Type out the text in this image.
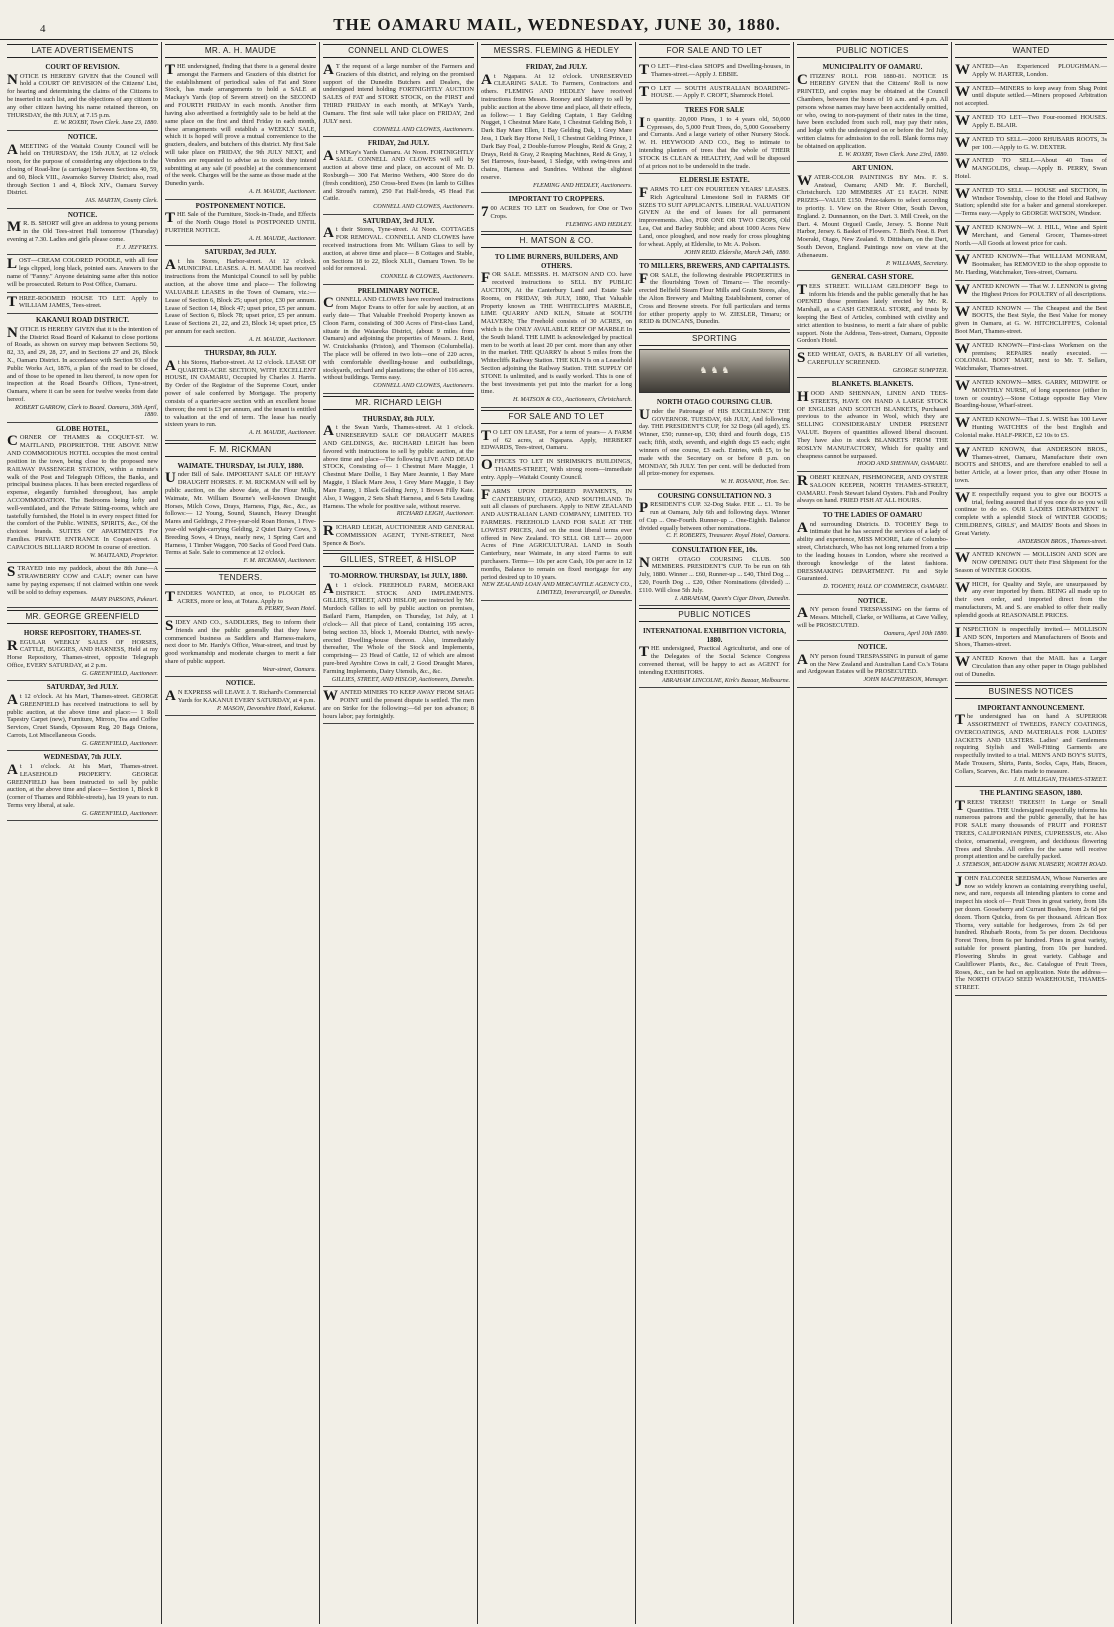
4	THE OAMARU MAIL, WEDNESDAY, JUNE 30, 1880.
LATE ADVERTISEMENTS
COURT OF REVISION.
NOTICE IS HEREBY GIVEN that the Council will hold a COURT OF REVISION of the Citizens' List, for hearing and determining the claims of the Citizens to be inserted in such list, and the objections of any citizen to any other citizen having his name retained thereon, on THURSDAY, the 8th JULY, at 7.15 p.m.
E. W. ROXBY, Town Clerk. June 23, 1880.
NOTICE.
A MEETING of the Waitaki County Council will be held on THURSDAY, the 15th JULY, at 12 o'clock noon, for the purpose of considering any objections to the closing of Road-line (a carriage) between Sections 40, 59, and 60, Block VIII., Awamoko Survey District; also, road through Section 1 and 4, Block XIV., Oamaru Survey District.
JAS. MARTIN, County Clerk.
NOTICE.
M R. B. SHORT will give an address to young persons in the Old Tees-street Hall tomorrow (Thursday) evening at 7.30. Ladies and girls please come.
F. J. JEFFREYS.
LOST—CREAM COLORED POODLE, with all four legs clipped, long black, pointed ears. Answers to the name of "Fanny." Anyone detaining same after this notice will be prosecuted. Return to Post Office, Oamaru.
THREE-ROOMED HOUSE TO LET. Apply to WILLIAM JAMES, Tees-street.
KAKANUI ROAD DISTRICT.
NOTICE IS HEREBY GIVEN that it is the intention of the District Road Board of Kakanui to close portions of Roads, as shown on survey map between Sections 50, 82, 33, and 29, 28, 27, and in Sections 27 and 26, Block X., Oamaru District. In accordance with Section 93 of the Public Works Act, 1876, a plan of the road to be closed, and of those to be opened in lieu thereof, is now open for inspection at the Road Board's Offices, Tyne-street, Oamaru, where it can be seen for twelve weeks from date hereof.
ROBERT GARROW, Clerk to Board. Oamaru, 30th April, 1880.
GLOBE HOTEL,
CORNER OF THAMES & COQUET-ST. W. MAITLAND, PROPRIETOR. THE ABOVE NEW AND COMMODIOUS HOTEL occupies the most central position in the town, being close to the proposed new RAILWAY PASSENGER STATION, within a minute's walk of the Post and Telegraph Offices, the Banks, and principal business places. It has been erected regardless of expense, elegantly furnished throughout, has ample ACCOMMODATION. The Bedrooms being lofty and well-ventilated, and the Private Sitting-rooms, which are tastefully furnished, the Hotel is in every respect fitted for the comfort of the Public. WINES, SPIRITS, &c., Of the choicest brands. SUITES OF APARTMENTS For Families. PRIVATE ENTRANCE In Coquet-street. A CAPACIOUS BILLIARD ROOM In course of erection.
W. MAITLAND, Proprietor.
STRAYED into my paddock, about the 8th June—A STRAWBERRY COW and CALF; owner can have same by paying expenses; if not claimed within one week will be sold to defray expenses.
MARY PARSONS, Pukeuri.
MR. GEORGE GREENFIELD
HORSE REPOSITORY, THAMES-ST.
REGULAR WEEKLY SALES OF HORSES, CATTLE, BUGGIES, AND HARNESS, Held at my Horse Repository, Thames-street, opposite Telegraph Office, EVERY SATURDAY, at 2 p.m.
G. GREENFIELD, Auctioneer.
SATURDAY, 3rd JULY.
At 12 o'clock. At his Mart, Thames-street. GEORGE GREENFIELD has received instructions to sell by public auction, at the above time and place:— 1 Roll Tapestry Carpet (new), Furniture, Mirrors, Tea and Coffee Services, Cruet Stands, Opossum Rug, 20 Bags Onions, Carrots, Lot Miscellaneous Goods.
G. GREENFIELD, Auctioneer.
WEDNESDAY, 7th JULY.
At 1 o'clock. At his Mart, Thames-street. LEASEHOLD PROPERTY. GEORGE GREENFIELD has been instructed to sell by public auction, at the above time and place— Section 1, Block 8 (corner of Thames and Ribble-streets), has 19 years to run. Terms very liberal, at sale.
G. GREENFIELD, Auctioneer.
MR. A. H. MAUDE
THE undersigned, finding that there is a general desire amongst the Farmers and Graziers of this district for the establishment of periodical sales of Fat and Store Stock, has made arrangements to hold a SALE at Mackay's Yards (top of Severn street) on the SECOND and FOURTH FRIDAY in each month. Another firm having also advertised a fortnightly sale to be held at the same place on the first and third Friday in each month, these arrangements will establish a WEEKLY SALE, which it is hoped will prove a mutual convenience to the graziers, dealers, and butchers of this district. My first Sale will take place on FRIDAY, the 9th JULY NEXT, and Vendors are requested to advise as to stock they intend submitting at any sale (if possible) at the commencement of the week. Charges will be the same as those made at the Dunedin yards.
A. H. MAUDE, Auctioneer.
POSTPONEMENT NOTICE.
THE Sale of the Furniture, Stock-in-Trade, and Effects of the North Otago Hotel is POSTPONED UNTIL FURTHER NOTICE.
A. H. MAUDE, Auctioneer.
SATURDAY, 3rd JULY.
At his Stores, Harbor-street. At 12 o'clock. MUNICIPAL LEASES. A. H. MAUDE has received instructions from the Municipal Council to sell by public auction, at the above time and place— The following VALUABLE LEASES in the Town of Oamaru, viz.:— Lease of Section 6, Block 25; upset price, £30 per annum. Lease of Section 14, Block 47; upset price, £5 per annum. Lease of Section 6, Block 78; upset price, £5 per annum. Lease of Sections 21, 22, and 23, Block 14; upset price, £5 per annum for each section.
A. H. MAUDE, Auctioneer.
THURSDAY, 8th JULY.
At his Stores, Harbor-street. At 12 o'clock. LEASE OF QUARTER-ACRE SECTION, WITH EXCELLENT HOUSE, IN OAMARU, Occupied by Charles J. Harris. By Order of the Registrar of the Supreme Court, under power of sale conferred by Mortgage. The property consists of a quarter-acre section with an excellent house thereon; the rent is £3 per annum, and the tenant is entitled to valuation at the end of term. The lease has nearly sixteen years to run.
A. H. MAUDE, Auctioneer.
F. M. RICKMAN
WAIMATE. THURSDAY, 1st JULY, 1880.
Under Bill of Sale. IMPORTANT SALE OF HEAVY DRAUGHT HORSES. F. M. RICKMAN will sell by public auction, on the above date, at the Flour Mills, Waimate, Mr. William Bourne's well-known Draught Horses, Milch Cows, Drays, Harness, Figs, &c., &c., as follows:— 12 Young, Sound, Staunch, Heavy Draught Mares and Geldings, 2 Five-year-old Roan Horses, 1 Five-year-old weight-carrying Gelding, 2 Quiet Dairy Cows, 3 Breeding Sows, 4 Drays, nearly new, 1 Spring Cart and Harness, 1 Timber Waggon, 700 Sacks of Good Feed Oats. Terms at Sale. Sale to commence at 12 o'clock.
F. M. RICKMAN, Auctioneer.
TENDERS.
TENDERS WANTED, at once, to PLOUGH 85 ACRES, more or less, at Totara. Apply to
B. PERRY, Swan Hotel.
SIDEY AND CO., SADDLERS, Beg to inform their friends and the public generally that they have commenced business as Saddlers and Harness-makers, next door to Mr. Hardy's Office, Wear-street, and trust by good workmanship and moderate charges to merit a fair share of public support.
Wear-street, Oamaru.
NOTICE.
A N EXPRESS will LEAVE J. T. Richard's Commercial Yards for KAKANUI EVERY SATURDAY, at 4 p.m.
P. MASON, Devonshire Hotel, Kakanui.
CONNELL AND CLOWES
A T the request of a large number of the Farmers and Graziers of this district, and relying on the promised support of the Dunedin Butchers and Dealers, the undersigned intend holding FORTNIGHTLY AUCTION SALES of FAT and STORE STOCK, on the FIRST and THIRD FRIDAY in each month, at M'Kay's Yards, Oamaru. The first sale will take place on FRIDAY, 2nd JULY next.
CONNELL AND CLOWES, Auctioneers.
FRIDAY, 2nd JULY.
At M'Kay's Yards Oamaru. At Noon. FORTNIGHTLY SALE. CONNELL AND CLOWES will sell by auction at above time and place, on account of Mr. D. Roxburgh— 300 Fat Merino Wethers, 400 Store do do (fresh condition), 250 Cross-bred Ewes (in lamb to Gillies and Stroud's ramm), 250 Fat Half-breds, 45 Head Fat Cattle.
CONNELL AND CLOWES, Auctioneers.
SATURDAY, 3rd JULY.
At their Stores, Tyne-street. At Noon. COTTAGES FOR REMOVAL. CONNELL AND CLOWES have received instructions from Mr. William Glass to sell by auction, at above time and place— 8 Cottages and Stable, on Sections 18 to 22, Block XLII., Oamaru Town. To be sold for removal.
CONNELL & CLOWES, Auctioneers.
PRELIMINARY NOTICE.
CONNELL AND CLOWES have received instructions from Major Evans to offer for sale by auction, at an early date— That Valuable Freehold Property known as Cloon Farm, consisting of 300 Acres of First-class Land, situate in the Waiareka District, (about 9 miles from Oamaru) and adjoining the properties of Messrs. J. Reid, W. Cruickshanks (Friston), and Thomson (Columbella). The place will be offered in two lots—one of 220 acres, with comfortable dwelling-house and outbuildings, stockyards, orchard and plantations; the other of 116 acres, without buildings. Terms easy.
CONNELL AND CLOWES, Auctioneers.
MR. RICHARD LEIGH
THURSDAY, 8th JULY.
At the Swan Yards, Thames-street. At 1 o'clock. UNRESERVED SALE OF DRAUGHT MARES AND GELDINGS, &c. RICHARD LEIGH has been favored with instructions to sell by public auction, at the above time and place—The following LIVE AND DEAD STOCK, Consisting of— 1 Chestnut Mare Maggie, 1 Chestnut Mare Dollie, 1 Bay Mare Jeannie, 1 Bay Mare Maggie, 1 Black Mare Jess, 1 Grey Mare Maggie, 1 Bay Mare Fanny, 1 Black Gelding Jerry, 1 Brown Filly Kate. Also, 1 Waggon, 2 Sets Shaft Harness, and 6 Sets Leading Harness. The whole for positive sale, without reserve.
RICHARD LEIGH, Auctioneer.
RICHARD LEIGH, AUCTIONEER AND GENERAL COMMISSION AGENT, TYNE-STREET, Next Spence & Boe's.
GILLIES, STREET, & HISLOP
TO-MORROW. THURSDAY, 1st JULY, 1880.
At 1 o'clock. FREEHOLD FARM, MOERAKI DISTRICT. STOCK AND IMPLEMENTS. GILLIES, STREET, AND HISLOP, are instructed by Mr. Murdoch Gillies to sell by public auction on premises, Bailard Farm, Hampden, on Thursday, 1st July, at 1 o'clock— All that piece of Land, containing 195 acres, being section 33, block 1, Moeraki District, with newly-erected Dwelling-house thereon. Also, immediately thereafter, The Whole of the Stock and Implements, comprising— 23 Head of Cattle, 12 of which are almost pure-bred Ayrshire Cows in calf, 2 Good Draught Mares, Farming Implements, Dairy Utensils, &c., &c.
GILLIES, STREET, AND HISLOP, Auctioneers, Dunedin.
WANTED MINERS TO KEEP AWAY FROM SHAG POINT until the present dispute is settled. The men are on Strike for the following:—6d per ton advance; 8 hours labor; pay fortnightly.
MESSRS. FLEMING & HEDLEY
FRIDAY, 2nd JULY.
At Ngapara. At 12 o'clock. UNRESERVED CLEARING SALE. To Farmers, Contractors and others. FLEMING AND HEDLEY have received instructions from Messrs. Rooney and Slattery to sell by public auction at the above time and place, all their effects, as follow:— 1 Bay Gelding Captain, 1 Bay Gelding Nugget, 1 Chestnut Mare Kate, 1 Chestnut Gelding Bob, 1 Dark Bay Mare Ellen, 1 Bay Gelding Dak, 1 Grey Mare Jess, 1 Dark Bay Horse Nell, 1 Chestnut Gelding Prince, 1 Dark Bay Foal, 2 Double-furrow Ploughs, Reid & Gray, 2 Drays, Reid & Gray, 2 Reaping Machines, Reid & Gray, 1 Set Harrows, four-based, 1 Sledge, with swing-trees and chains, Harness and Sundries. Without the slightest reserve.
FLEMING AND HEDLEY, Auctioneers.
IMPORTANT TO CROPPERS.
7 00 ACRES TO LET on Seadown, for One or Two Crops.
FLEMING AND HEDLEY.
H. MATSON & CO.
TO LIME BURNERS, BUILDERS, AND OTHERS.
FOR SALE. MESSRS. H. MATSON AND CO. have received instructions to SELL BY PUBLIC AUCTION, At the Canterbury Land and Estate Sale Rooms, on FRIDAY, 9th JULY, 1880, That Valuable Property known as THE WHITECLIFFS MARBLE, LIME QUARRY AND KILN, Situate at SOUTH MALVERN; The Freehold consists of 30 ACRES, on which is the ONLY AVAILABLE REEF OF MARBLE In the South Island. THE LIME Is acknowledged by practical men to be worth at least 20 per cent. more than any other in the market. THE QUARRY Is about 5 miles from the Whitecliffs Railway Station. THE KILN Is on a Leasehold Section adjoining the Railway Station. THE SUPPLY OF STONE Is unlimited, and is easily worked. This is one of the best investments yet put into the market for a long time.
H. MATSON & CO., Auctioneers, Christchurch.
FOR SALE AND TO LET
T O LET ON LEASE, For a term of years— A FARM of 62 acres, at Ngapara. Apply, HERBERT EDWARDS, Tees-street, Oamaru.
OFFICES TO LET IN SHRIMSKI'S BUILDINGS, THAMES-STREET, With strong room—immediate entry. Apply—Waitaki County Council.
FARMS UPON DEFERRED PAYMENTS, IN CANTERBURY, OTAGO, AND SOUTHLAND. To suit all classes of purchasers. Apply to NEW ZEALAND AND AUSTRALIAN LAND COMPANY, LIMITED. TO FARMERS. FREEHOLD LAND FOR SALE AT THE LOWEST PRICES, And on the most liberal terms ever offered in New Zealand. TO SELL OR LET— 20,000 Acres of Fine AGRICULTURAL LAND in South Canterbury, near Waimate, in any sized Farms to suit purchasers. Terms— 10s per acre Cash, 10s per acre in 12 months, Balance to remain on fixed mortgage for any period desired up to 10 years.
NEW ZEALAND LOAN AND MERCANTILE AGENCY CO., LIMITED, Inverarcargill, or Dunedin.
FOR SALE AND TO LET
T O LET—First-class SHOPS and Dwelling-houses, in Thames-street.—Apply J. EBBIE.
T O LET — SOUTH AUSTRALIAN BOARDING-HOUSE. — Apply F. CROFT, Shamrock Hotel.
TREES FOR SALE
In quantity. 20,000 Pines, 1 to 4 years old, 50,000 Cypresses, do, 5,000 Fruit Trees, do, 5,000 Gooseberry and Currants. And a large variety of other Nursery Stock. W. H. HEYWOOD AND CO., Beg to intimate to intending planters of trees that the whole of THEIR STOCK IS CLEAN & HEALTHY, And will be disposed of at prices not to be undersold in the trade.
ELDERSLIE ESTATE.
FARMS TO LET ON FOURTEEN YEARS' LEASES. Rich Agricultural Limestone Soil in FARMS OF SIZES TO SUIT APPLICANTS. LIBERAL VALUATION GIVEN At the end of leases for all permanent improvements. Also, FOR ONE OR TWO CROPS, Old Lea, Oat and Barley Stubble; and about 1000 Acres New Land, once ploughed, and now ready for cross ploughing for wheat. Apply, at Elderslie, to Mr. A. Polson.
JOHN REID. Elderslie, March 24th, 1880.
TO MILLERS, BREWERS, AND CAPITALISTS.
FOR SALE, the following desirable PROPERTIES in the flourishing Town of Timaru:— The recently-erected Belfield Steam Flour Mills and Grain Stores, also, the Alton Brewery and Malting Establishment, corner of Cross and Browne streets. For full particulars and terms for either property apply to W. ZIESLER, Timaru; or REID & DUNCANS, Dunedin.
SPORTING
♞ ♞ ♞
NORTH OTAGO COURSING CLUB.
Under the Patronage of HIS EXCELLENCY THE GOVERNOR. TUESDAY, 6th JULY, And following day. THE PRESIDENT'S CUP, for 32 Dogs (all aged), £5. Winner, £50; runner-up, £30; third and fourth dogs, £15 each; fifth, sixth, seventh, and eighth dogs £5 each; eight winners of one course, £3 each. Entries, with £5, to be made with the Secretary on or before 8 p.m. on MONDAY, 5th JULY. Ten per cent. will be deducted from all prize-money for expenses.
W. H. ROSANNE, Hon. Sec.
COURSING CONSULTATION NO. 3
PRESIDENT'S CUP. 32-Dog Stake. FEE ... £1. To be run at Oamaru, July 6th and following days. Winner of Cup ... One-Fourth. Runner-up ... One-Eighth. Balance divided equally between other nominations.
C. F. ROBERTS, Treasurer. Royal Hotel, Oamaru.
CONSULTATION FEE, 10s.
NORTH OTAGO COURSING CLUB. 500 MEMBERS. PRESIDENT'S CUP. To be run on 6th July, 1880. Winner ... £60, Runner-up ... £40, Third Dog ... £20, Fourth Dog ... £20, Other Nominations (divided) ... £110. Will close 5th July.
I. ABRAHAM, Queen's Cigar Divan, Dunedin.
PUBLIC NOTICES
INTERNATIONAL EXHIBITION VICTORIA, 1880.
THE undersigned, Practical Agriculturist, and one of the Delegates of the Social Science Congress convened thereat, will be happy to act as AGENT for intending EXHIBITORS.
ABRAHAM LINCOLNE, Kirk's Bazaar, Melbourne.
PUBLIC NOTICES
MUNICIPALITY OF OAMARU.
CITIZENS' ROLL FOR 1880-81. NOTICE IS HEREBY GIVEN that the Citizens' Roll is now PRINTED, and copies may be obtained at the Council Chambers, between the hours of 10 a.m. and 4 p.m. All persons whose names may have been accidentally omitted, or who, owing to non-payment of their rates in the time, have been excluded from such roll, may pay their rates, and lodge with the undersigned on or before the 3rd July, written claims for admission to the roll. Blank forms may be obtained on application.
E. W. ROXBY, Town Clerk. June 23rd, 1880.
ART UNION.
WATER-COLOR PAINTINGS BY Mrs. F. S. Anstead, Oamaru; AND Mr. F. Burchell, Christchurch. 120 MEMBERS AT £1 EACH. NINE PRIZES—VALUE £150. Prize-takers to select according to priority. 1. View on the River Otter, South Devon, England. 2. Dunnannon, on the Dart. 3. Mill Creek, on the Dart. 4. Mount Orgueil Castle, Jersey. 5. Bonne Nuit Harbor, Jersey. 6. Basket of Flowers. 7. Bird's Nest. 8. Port Moeraki, Otago, New Zealand. 9. Dittisham, on the Dart, South Devon, England. Paintings now on view at the Athenaeum.
P. WILLIAMS, Secretary.
GENERAL CASH STORE.
TEES STREET. WILLIAM GELDHOFF Begs to inform his friends and the public generally that he has OPENED those premises lately erected by Mr. R. Marshall, as a CASH GENERAL STORE, and trusts by keeping the Best of Articles, combined with civility and strict attention to business, to merit a fair share of public support. Note the Address, Tees-street, Oamaru, Opposite Gordon's Hotel.
SEED WHEAT, OATS, & BARLEY Of all varieties, CAREFULLY SCREENED.
GEORGE SUMPTER.
BLANKETS. BLANKETS.
HOOD AND SHENNAN, LINEN AND TEES-STREETS, HAVE ON HAND A LARGE STOCK OF ENGLISH AND SCOTCH BLANKETS, Purchased previous to the advance in Wool, which they are SELLING CONSIDERABLY UNDER PRESENT VALUE. Buyers of quantities allowed liberal discount. They have also in stock BLANKETS FROM THE ROSLYN MANUFACTORY, Which for quality and cheapness cannot be surpassed.
HOOD AND SHENNAN, OAMARU.
ROBERT KEENAN, FISHMONGER, AND OYSTER SALOON KEEPER, NORTH THAMES-STREET, OAMARU. Fresh Stewart Island Oysters. Fish and Poultry always on hand. FRIED FISH AT ALL HOURS.
TO THE LADIES OF OAMARU
And surrounding Districts. D. TOOHEY Begs to intimate that he has secured the services of a lady of ability and experience, MISS MOORE, Late of Columbo-street, Christchurch, Who has not long returned from a trip to the leading houses in London, where she received a thorough knowledge of the latest fashions. DRESSMAKING DEPARTMENT. Fit and Style Guaranteed.
D. TOOHEY, HALL OF COMMERCE, OAMARU.
NOTICE.
ANY person found TRESPASSING on the farms of Messrs. Mitchell, Clarke, or Williams, at Cave Valley, will be PROSECUTED.
Oamaru, April 10th 1880.
NOTICE.
ANY person found TRESPASSING in pursuit of game on the New Zealand and Australian Land Co.'s Totara and Ardgowan Estates will be PROSECUTED.
JOHN MACPHERSON, Manager.
WANTED
WANTED—An Experienced PLOUGHMAN.—Apply W. HARTER, London.
WANTED—MINERS to keep away from Shag Point until dispute settled.—Miners proposed Arbitration not accepted.
WANTED TO LET—Two Four-roomed HOUSES. Apply E. BLAIR.
WANTED TO SELL—2000 RHUBARB ROOTS, 3s per 100.—Apply to G. W. DEXTER.
WANTED TO SELL—About 40 Tons of MANGOLDS, cheap.—Apply B. PERRY, Swan Hotel.
WANTED TO SELL — HOUSE and SECTION, in Windsor Township, close to the Hotel and Railway Station; splendid site for a baker and general storekeeper.—Terms easy.—Apply to GEORGE WATSON, Windsor.
WANTED KNOWN—W. J. HILL, Wine and Spirit Merchant, and General Grocer, Thames-street North.—All Goods at lowest price for cash.
WANTED KNOWN—That WILLIAM MONRAM, Bootmaker, has REMOVED to the shop opposite to Mr. Harding, Watchmaker, Tees-street, Oamaru.
WANTED KNOWN — That W. J. LENNON is giving the Highest Prices for POULTRY of all descriptions.
WANTED KNOWN — The Cheapest and the Best BOOTS, the Best Style, the Best Value for money given in Oamaru, at G. W. HITCHCLIFFE'S, Colonial Boot Mart, Thames-street.
WANTED KNOWN—First-class Workmen on the premises; REPAIRS neatly executed. — COLONIAL BOOT MART, next to Mr. T. Sellars, Watchmaker, Thames-street.
WANTED KNOWN—MRS. GARRY, MIDWIFE or MONTHLY NURSE, of long experience (either in town or country).—Stone Cottage opposite Bay View Boarding-house, Wharf-street.
WANTED KNOWN—That J. S. WISE has 100 Lever Hunting WATCHES of the best English and Colonial make. HALF-PRICE, £2 10s to £5.
WANTED KNOWN, that ANDERSON BROS., Thames-street, Oamaru, Manufacture their own BOOTS and SHOES, and are therefore enabled to sell a better Article, at a lower price, than any other House in town.
W E respectfully request you to give our BOOTS a trial, feeling assured that if you once do so you will continue to do so. OUR LADIES DEPARTMENT is complete with a splendid Stock of WINTER GOODS; CHILDREN'S, GIRLS', and MAIDS' Boots and Shoes in Great Variety.
ANDERSON BROS., Thames-street.
WANTED KNOWN — MOLLISON AND SON are NOW OPENING OUT their First Shipment for the Season of WINTER GOODS.
WHICH, for Quality and Style, are unsurpassed by any ever imported by them. BEING all made up to their own order, and imported direct from the manufacturers, M. and S. are enabled to offer their really splendid goods at REASONABLE PRICES.
INSPECTION is respectfully invited.— MOLLISON AND SON, Importers and Manufacturers of Boots and Shoes, Thames-street.
WANTED Known that the MAIL has a Larger Circulation than any other paper in Otago published out of Dunedin.
BUSINESS NOTICES
IMPORTANT ANNOUNCEMENT.
The undersigned has on hand A SUPERIOR ASSORTMENT of TWEEDS, FANCY COATINGS, OVERCOATINGS, AND MATERIALS FOR LADIES' JACKETS AND ULSTERS. Ladies' and Gentlemens requiring Stylish and Well-Fitting Garments are respectfully invited to a trial. MEN'S AND BOY'S SUITS, Made Trousers, Shirts, Pants, Socks, Caps, Hats, Braces, Collars, Scarves, &c. Hats made to measure.
J. H. MILLIGAN, THAMES-STREET.
THE PLANTING SEASON, 1880.
TREES! TREES!! TREES!!! In Large or Small Quantities. THE Undersigned respectfully informs his numerous patrons and the public generally, that he has FOR SALE many thousands of FRUIT and FOREST TREES, CALIFORNIAN PINES, CUPRESSUS, etc. Also choice, ornamental, evergreen, and deciduous flowering Trees and Shrubs. All orders for the same will receive prompt attention and be carefully packed.
J. STEMSON, MEADOW BANK NURSERY, NORTH ROAD.
JOHN FALCONER SEEDSMAN, Whose Nurseries are now so widely known as containing everything useful, new, and rare, requests all intending planters to come and inspect his stock of— Fruit Trees in great variety, from 18s per dozen. Gooseberry and Currant Bushes, from 2s 6d per dozen. Thorn Quicks, from 6s per thousand. African Box Thorns, very suitable for hedgerows, from 2s 6d per hundred. Rhubarb Roots, from 5s per dozen. Deciduous Forest Trees, from 6s per hundred. Pines in great variety, suitable for present planting, from 10s per hundred. Flowering Shrubs in great variety. Cabbage and Cauliflower Plants, &c., &c. Catalogue of Fruit Trees, Roses, &c., can be had on application. Note the address—The NORTH OTAGO SEED WAREHOUSE, THAMES-STREET.
